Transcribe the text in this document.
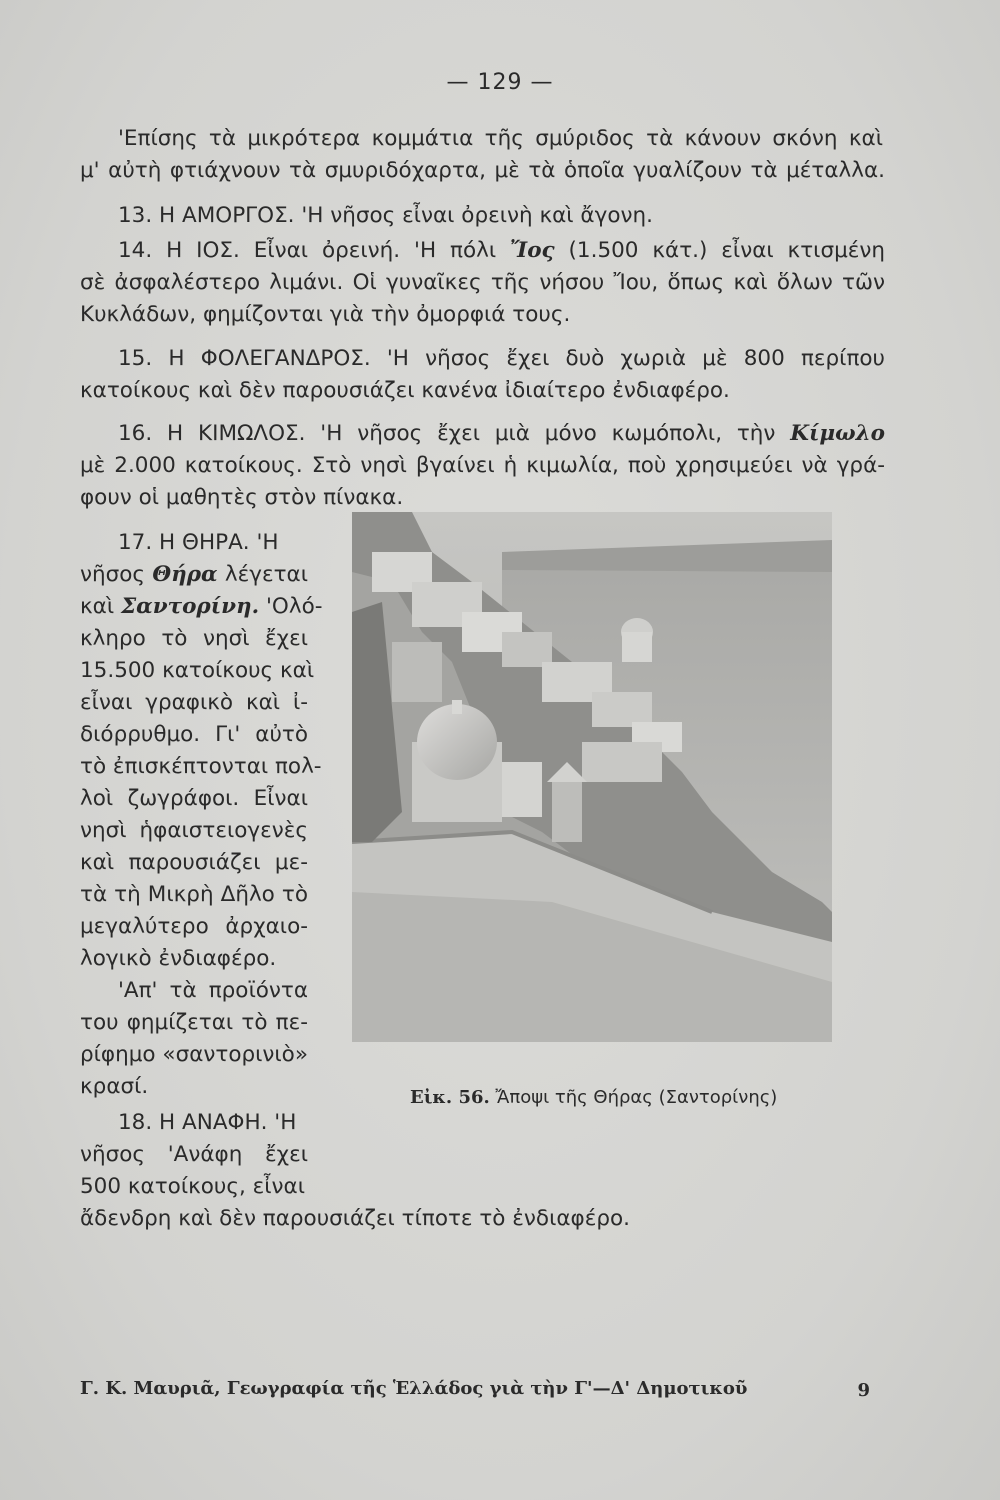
— 129 —
'Επίσης τὰ μικρότερα κομμάτια τῆς σμύριδος τὰ κάνουν σκόνη καὶ
μ' αὐτὴ φτιάχνουν τὰ σμυριδόχαρτα, μὲ τὰ ὁποῖα γυαλίζουν τὰ μέταλλα.
13. Η ΑΜΟΡΓΟΣ. 'Η νῆσος εἶναι ὀρεινὴ καὶ ἄγονη.
14. Η ΙΟΣ. Εἶναι ὀρεινή. 'Η πόλι Ἴος (1.500 κάτ.) εἶναι κτισμένη
σὲ ἀσφαλέστερο λιμάνι. Οἱ γυναῖκες τῆς νήσου Ἴου, ὅπως καὶ ὅλων τῶν
Κυκλάδων, φημίζονται γιὰ τὴν ὀμορφιά τους.
15. Η ΦΟΛΕΓΑΝΔΡΟΣ. 'Η νῆσος ἔχει δυὸ χωριὰ μὲ 800 περίπου
κατοίκους καὶ δὲν παρουσιάζει κανένα ἰδιαίτερο ἐνδιαφέρο.
16. Η ΚΙΜΩΛΟΣ. 'Η νῆσος ἔχει μιὰ μόνο κωμόπολι, τὴν Κίμωλο
μὲ 2.000 κατοίκους. Στὸ νησὶ βγαίνει ἡ κιμωλία, ποὺ χρησιμεύει νὰ γρά-
φουν οἱ μαθητὲς στὸν πίνακα.
17. Η ΘΗΡΑ. 'Η
νῆσος Θήρα λέγεται
καὶ Σαντορίνη. 'Ολό-
κληρο τὸ νησὶ ἔχει
15.500 κατοίκους καὶ
εἶναι γραφικὸ καὶ ἰ-
διόρρυθμο. Γι' αὐτὸ
τὸ ἐπισκέπτονται πολ-
λοὶ ζωγράφοι. Εἶναι
νησὶ ἡφαιστειογενὲς
καὶ παρουσιάζει με-
τὰ τὴ Μικρὴ Δῆλο τὸ
μεγαλύτερο ἀρχαιο-
λογικὸ ἐνδιαφέρο.
'Απ' τὰ προϊόντα
του φημίζεται τὸ πε-
ρίφημο «σαντορινιὸ»
κρασί.
18. Η ΑΝΑΦΗ. 'Η
νῆσος 'Ανάφη ἔχει
500 κατοίκους, εἶναι
ἄδενδρη καὶ δὲν παρουσιάζει τίποτε τὸ ἐνδιαφέρο.
Εἰκ. 56. Ἄποψι τῆς Θήρας (Σαντορίνης)
Γ. Κ. Μαυριᾶ, Γεωγραφία τῆς Ἑλλάδος γιὰ τὴν Γ'—Δ' Δημοτικοῦ	9
